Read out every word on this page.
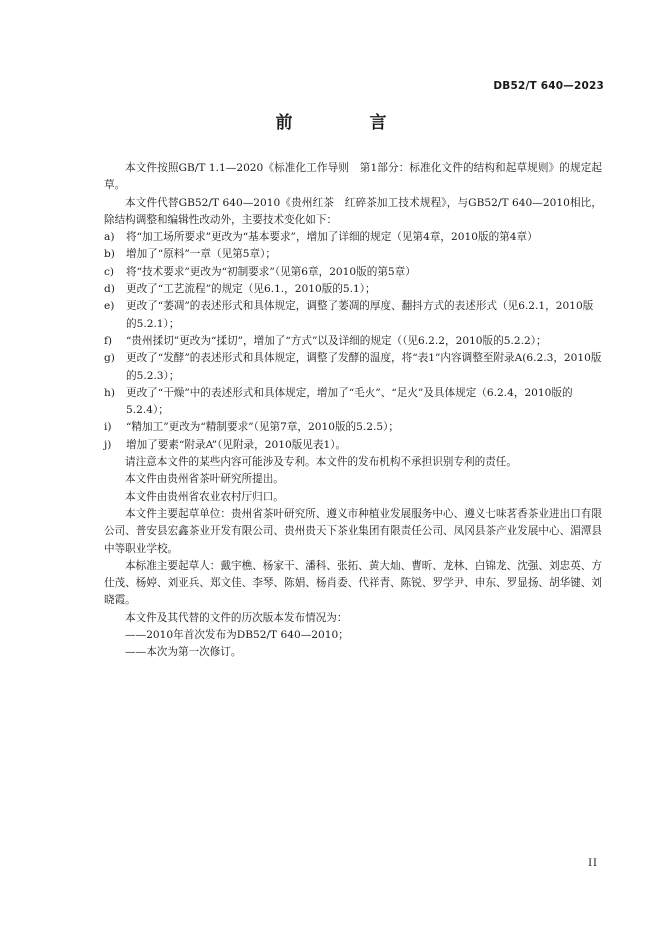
DB52/T 640—2023
前　言

本文件按照GB/T 1.1—2020《标准化工作导则　第1部分：标准化文件的结构和起草规则》的规定起草。

本文件代替GB52/T 640—2010《贵州红茶　红碎茶加工技术规程》，与GB52/T 640—2010相比，除结构调整和编辑性改动外，主要技术变化如下：

a)	将“加工场所要求”更改为“基本要求”，增加了详细的规定（见第4章，2010版的第4章）
b)	增加了“原料”一章（见第5章）；
c)	将“技术要求”更改为“初制要求”（见第6章，2010版的第5章）
d)	更改了“工艺流程”的规定（见6.1.，2010版的5.1）；
e)	更改了“萎凋”的表述形式和具体规定，调整了萎凋的厚度、翻抖方式的表述形式（见6.2.1，2010版的5.2.1）；
f)	“贵州揉切”更改为“揉切”，增加了“方式”以及详细的规定（（见6.2.2，2010版的5.2.2）；
g)	更改了“发酵”的表述形式和具体规定，调整了发酵的温度，将“表1”内容调整至附录A(6.2.3，2010版的5.2.3）；
h)	更改了“干燥”中的表述形式和具体规定，增加了“毛火”、“足火”及具体规定（6.2.4，2010版的5.2.4）；
i)	“精加工”更改为“精制要求”（见第7章，2010版的5.2.5）；
j)	增加了要素“附录A”（见附录，2010版见表1）。

请注意本文件的某些内容可能涉及专利。本文件的发布机构不承担识别专利的责任。

本文件由贵州省茶叶研究所提出。

本文件由贵州省农业农村厅归口。

本文件主要起草单位：贵州省茶叶研究所、遵义市种植业发展服务中心、遵义七味茗香茶业进出口有限公司、普安县宏鑫茶业开发有限公司、贵州贵天下茶业集团有限责任公司、凤冈县茶产业发展中心、湄潭县中等职业学校。

本标准主要起草人：戴宇樵、杨家干、潘科、张拓、黄大灿、曹昕、龙林、白锦龙、沈强、刘忠英、方仕茂、杨婷、刘亚兵、郑文佳、李琴、陈娟、杨肖委、代祥青、陈锐、罗学尹、申东、罗显扬、胡华键、刘晓霞。

本文件及其代替的文件的历次版本发布情况为：

——2010年首次发布为DB52/T 640—2010；

——本次为第一次修订。

II
